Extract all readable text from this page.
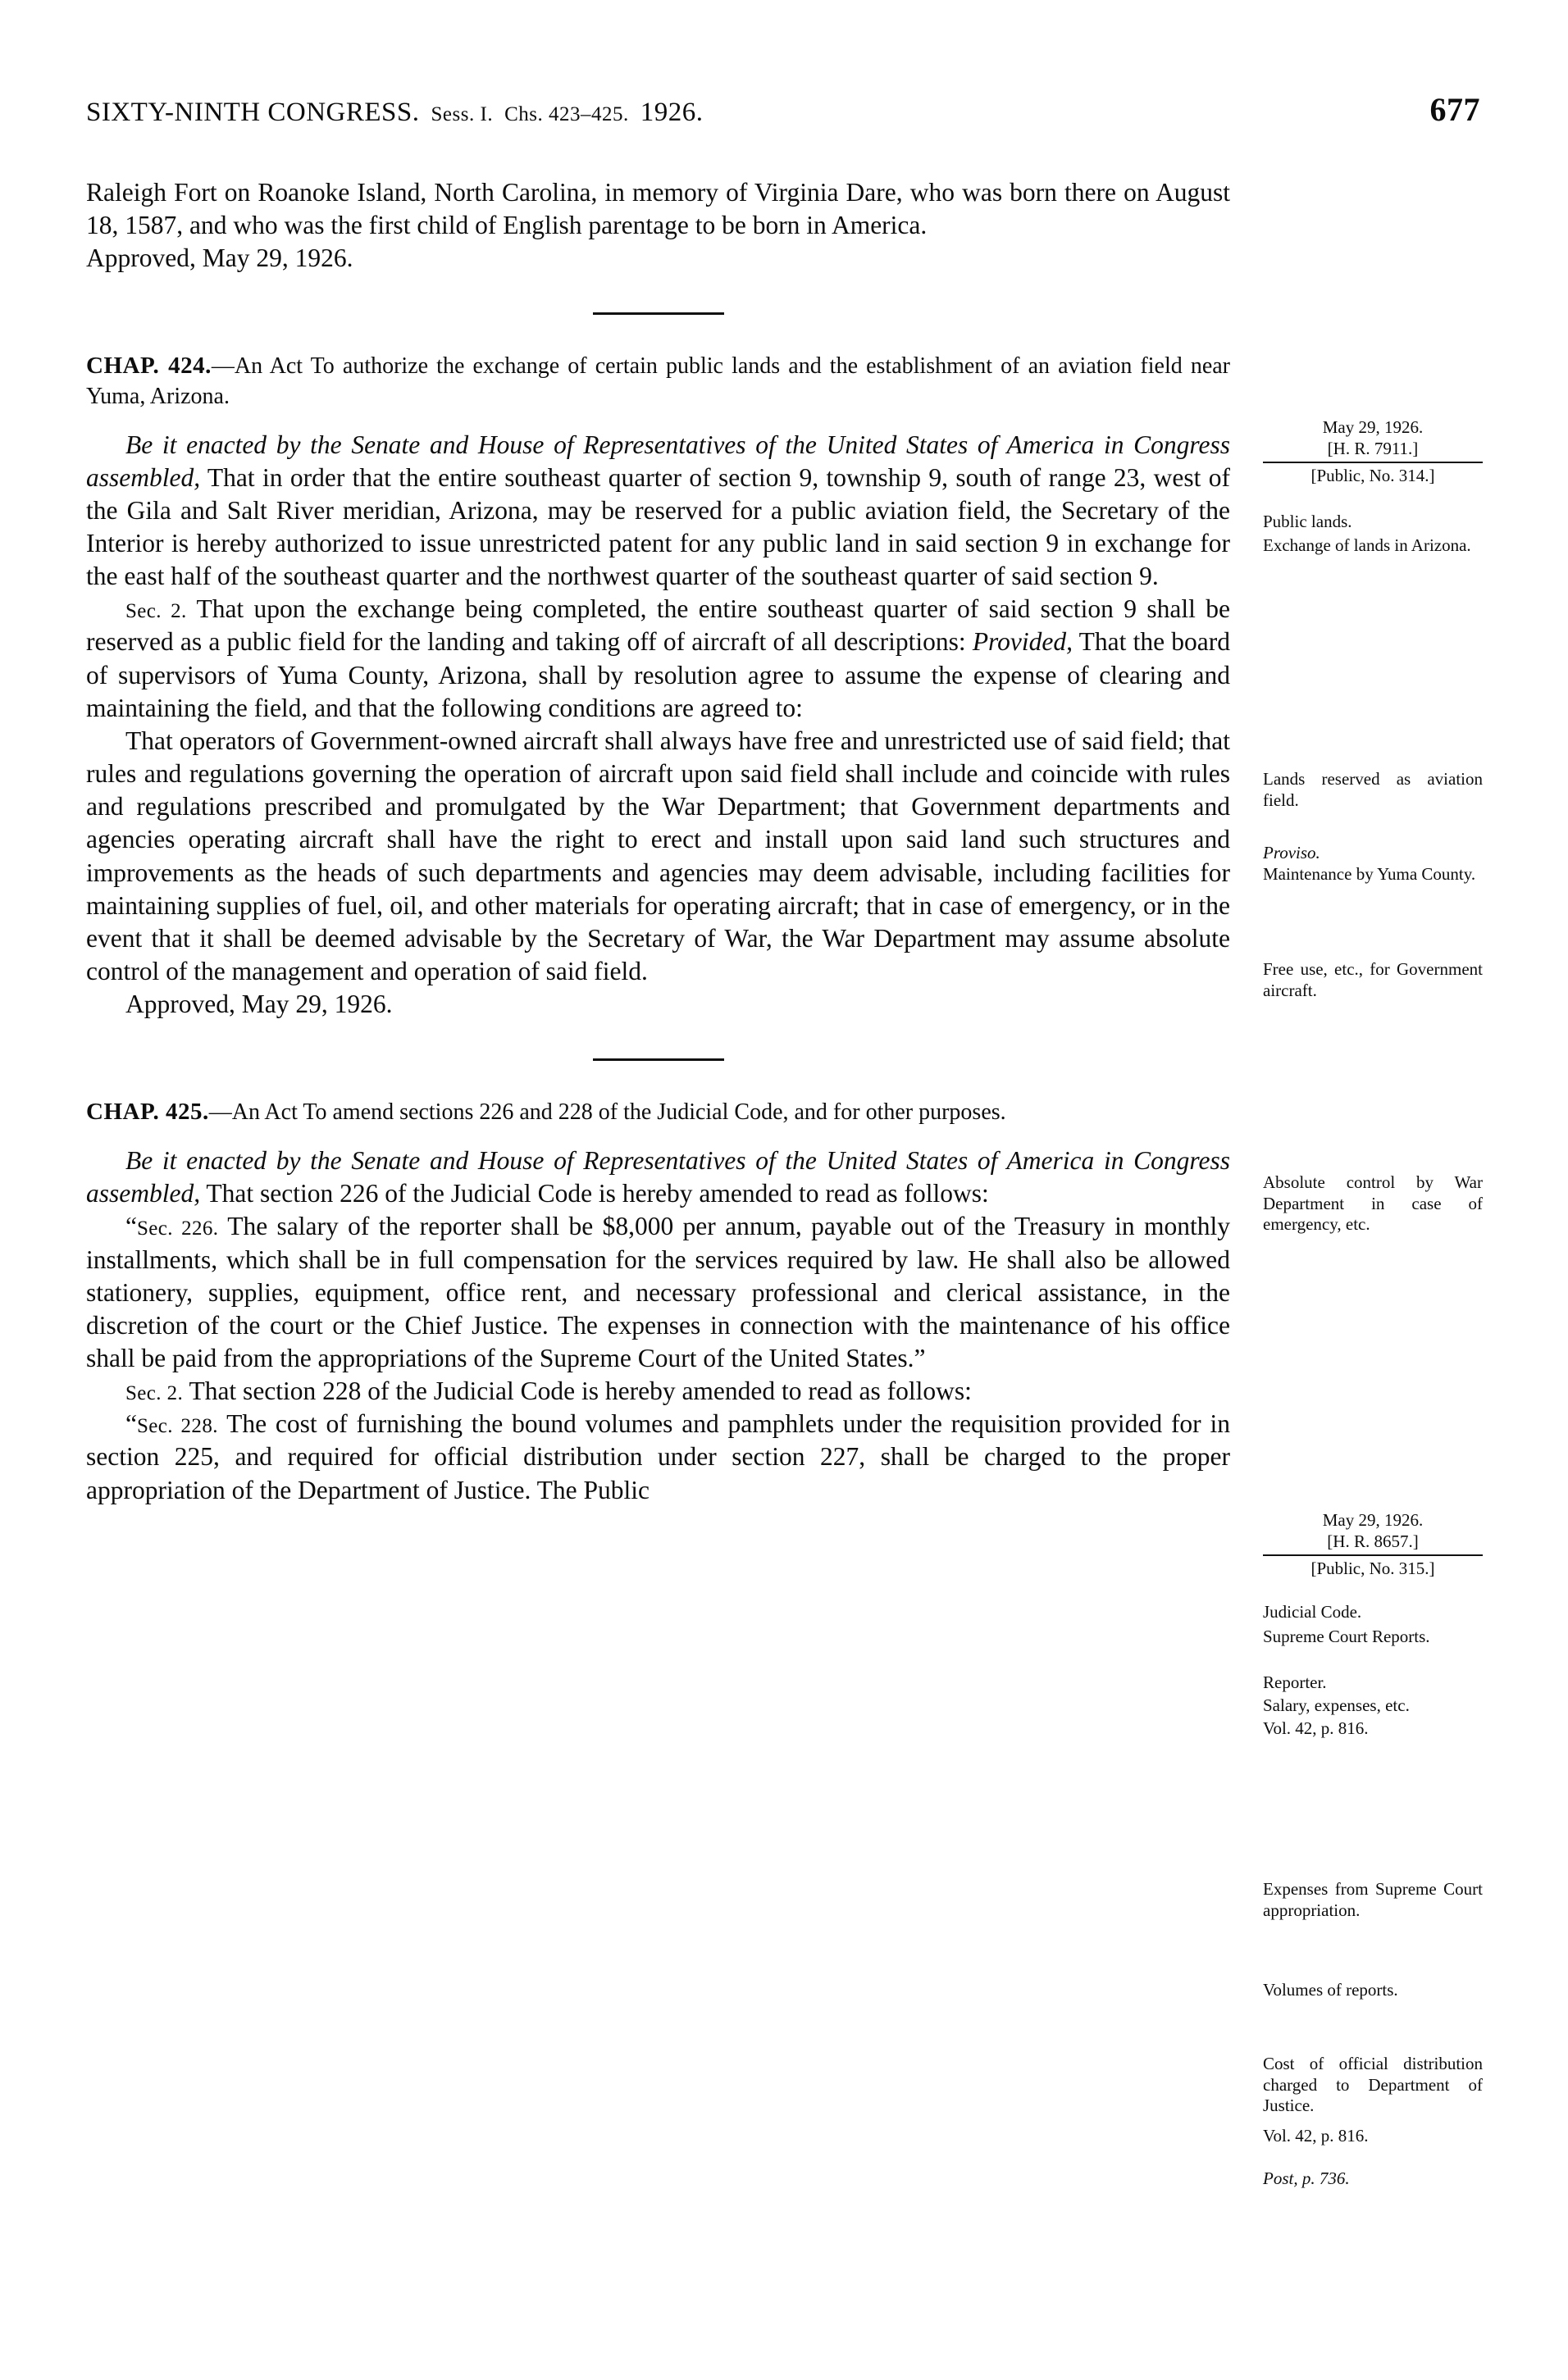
SIXTY-NINTH CONGRESS. Sess. I. Chs. 423–425. 1926.	677

Raleigh Fort on Roanoke Island, North Carolina, in memory of Virginia Dare, who was born there on August 18, 1587, and who was the first child of English parentage to be born in America.

Approved, May 29, 1926.

CHAP. 424.—An Act To authorize the exchange of certain public lands and the establishment of an aviation field near Yuma, Arizona.

Be it enacted by the Senate and House of Representatives of the United States of America in Congress assembled, That in order that the entire southeast quarter of section 9, township 9, south of range 23, west of the Gila and Salt River meridian, Arizona, may be reserved for a public aviation field, the Secretary of the Interior is hereby authorized to issue unrestricted patent for any public land in said section 9 in exchange for the east half of the southeast quarter and the northwest quarter of the southeast quarter of said section 9.

Sec. 2. That upon the exchange being completed, the entire southeast quarter of said section 9 shall be reserved as a public field for the landing and taking off of aircraft of all descriptions: Provided, That the board of supervisors of Yuma County, Arizona, shall by resolution agree to assume the expense of clearing and maintaining the field, and that the following conditions are agreed to:

That operators of Government-owned aircraft shall always have free and unrestricted use of said field; that rules and regulations governing the operation of aircraft upon said field shall include and coincide with rules and regulations prescribed and promulgated by the War Department; that Government departments and agencies operating aircraft shall have the right to erect and install upon said land such structures and improvements as the heads of such departments and agencies may deem advisable, including facilities for maintaining supplies of fuel, oil, and other materials for operating aircraft; that in case of emergency, or in the event that it shall be deemed advisable by the Secretary of War, the War Department may assume absolute control of the management and operation of said field.

Approved, May 29, 1926.

CHAP. 425.—An Act To amend sections 226 and 228 of the Judicial Code, and for other purposes.

Be it enacted by the Senate and House of Representatives of the United States of America in Congress assembled, That section 226 of the Judicial Code is hereby amended to read as follows:

“Sec. 226. The salary of the reporter shall be $8,000 per annum, payable out of the Treasury in monthly installments, which shall be in full compensation for the services required by law. He shall also be allowed stationery, supplies, equipment, office rent, and necessary professional and clerical assistance, in the discretion of the court or the Chief Justice. The expenses in connection with the maintenance of his office shall be paid from the appropriations of the Supreme Court of the United States.”

Sec. 2. That section 228 of the Judicial Code is hereby amended to read as follows:

“Sec. 228. The cost of furnishing the bound volumes and pamphlets under the requisition provided for in section 225, and required for official distribution under section 227, shall be charged to the proper appropriation of the Department of Justice. The Public

May 29, 1926.
[H. R. 7911.]
[Public, No. 314.]
Public lands.
Exchange of lands in Arizona.
Lands reserved as aviation field.
Proviso.
Maintenance by Yuma County.
Free use, etc., for Government aircraft.
Absolute control by War Department in case of emergency, etc.
May 29, 1926.
[H. R. 8657.]
[Public, No. 315.]
Judicial Code.
Supreme Court Reports.
Reporter.
Salary, expenses, etc.
Vol. 42, p. 816.
Expenses from Supreme Court appropriation.
Volumes of reports.
Cost of official distribution charged to Department of Justice.
Vol. 42, p. 816.
Post, p. 736.
